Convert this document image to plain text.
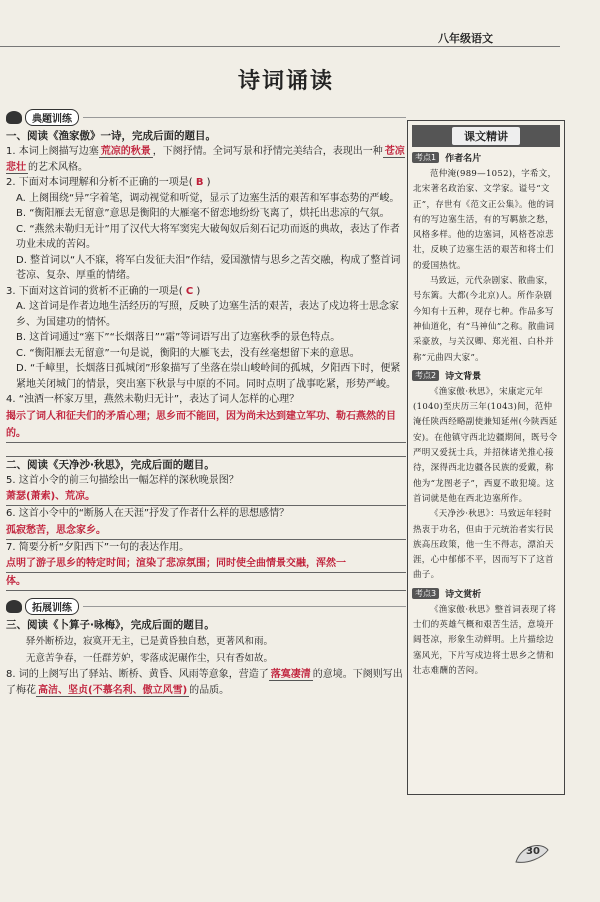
八年级语文
诗词诵读
典题训练
一、阅读《渔家傲》一诗，完成后面的题目。
1. 本词上阕描写边塞 荒凉的秋景 ，下阕抒情。全词写景和抒情完美结合，表现出一种 苍凉悲壮 的艺术风格。
2. 下面对本词理解和分析不正确的一项是( B )
A. 上阕围绕“异”字着笔，调动视觉和听觉，显示了边塞生活的艰苦和军事态势的严峻。
B. “衡阳雁去无留意”意思是衡阳的大雁毫不留恋地纷纷飞离了，烘托出悲凉的气氛。
C. “燕然未勒归无计”用了汉代大将军窦宪大破匈奴后刻石记功而返的典故，表达了作者功业未成的苦闷。
D. 整首词以“人不寐，将军白发征夫泪”作结，爱国激情与思乡之苦交融，构成了整首词苍凉、复杂、厚重的情绪。
3. 下面对这首词的赏析不正确的一项是( C )
A. 这首词是作者边地生活经历的写照，反映了边塞生活的艰苦，表达了戍边将士思念家乡、为国建功的情怀。
B. 这首词通过“塞下”“长烟落日”“霜”等词语写出了边塞秋季的景色特点。
C. “衡阳雁去无留意”一句是说，衡阳的大雁飞去，没有丝毫想留下来的意思。
D. “千嶂里，长烟落日孤城闭”形象描写了坐落在崇山峻岭间的孤城，夕阳西下时，便紧紧地关闭城门的情景，突出塞下秋景与中原的不同。同时点明了战事吃紧，形势严峻。
4. “浊酒一杯家万里，燕然未勒归无计”，表达了词人怎样的心理？
揭示了词人和征夫们的矛盾心理；思乡而不能回，因为尚未达到建立军功、勒石燕然的目的。
二、阅读《天净沙·秋思》，完成后面的题目。
5. 这首小令的前三句描绘出一幅怎样的深秋晚景图？
萧瑟(萧索)、荒凉。
6. 这首小令中的“断肠人在天涯”抒发了作者什么样的思想感情？
孤寂愁苦，思念家乡。
7. 简要分析“夕阳西下”一句的表达作用。
点明了游子思乡的特定时间；渲染了悲凉氛围；同时使全曲情景交融，浑然一
体。
拓展训练
三、阅读《卜算子·咏梅》，完成后面的题目。
驿外断桥边，寂寞开无主，已是黄昏独自愁，更著风和雨。
无意苦争春，一任群芳妒，零落成泥碾作尘，只有香如故。
8. 词的上阕写出了驿站、断桥、黄昏、风雨等意象，营造了 落寞凄清 的意境。下阕则写出了梅花 高洁、坚贞(不慕名利、傲立风雪) 的品质。
课文精讲
考点1	作者名片
范仲淹(989—1052)，字希文，北宋著名政治家、文学家。谥号“文正”，存世有《范文正公集》。他的词有的写边塞生活，有的写羁旅之愁，风格多样。他的边塞词，风格苍凉悲壮，反映了边塞生活的艰苦和将士们的爱国热忱。
马致远，元代杂剧家、散曲家，号东篱。大都(今北京)人。所作杂剧今知有十五种，现存七种。作品多写神仙道化，有“马神仙”之称。散曲词采豪放，与关汉卿、郑光祖、白朴并称“元曲四大家”。
考点2	诗文背景
《渔家傲·秋思》，宋康定元年(1040)至庆历三年(1043)间，范仲淹任陕西经略副使兼知延州(今陕西延安)。在他镇守西北边疆期间，既号令严明又爱抚士兵，并招徕诸羌推心接待，深得西北边疆各民族的爱戴，称他为“龙图老子”，西夏不敢犯境。这首词就是他在西北边塞所作。
《天净沙·秋思》：马致远年轻时热衷于功名，但由于元统治者实行民族高压政策，他一生不得志，漂泊天涯，心中郁郁不平，因而写下了这首曲子。
考点3	诗文赏析
《渔家傲·秋思》整首词表现了将士们的英雄气概和艰苦生活，意境开阔苍凉，形象生动鲜明。上片描绘边塞风光，下片写戍边将士思乡之情和壮志难酬的苦闷。
30
